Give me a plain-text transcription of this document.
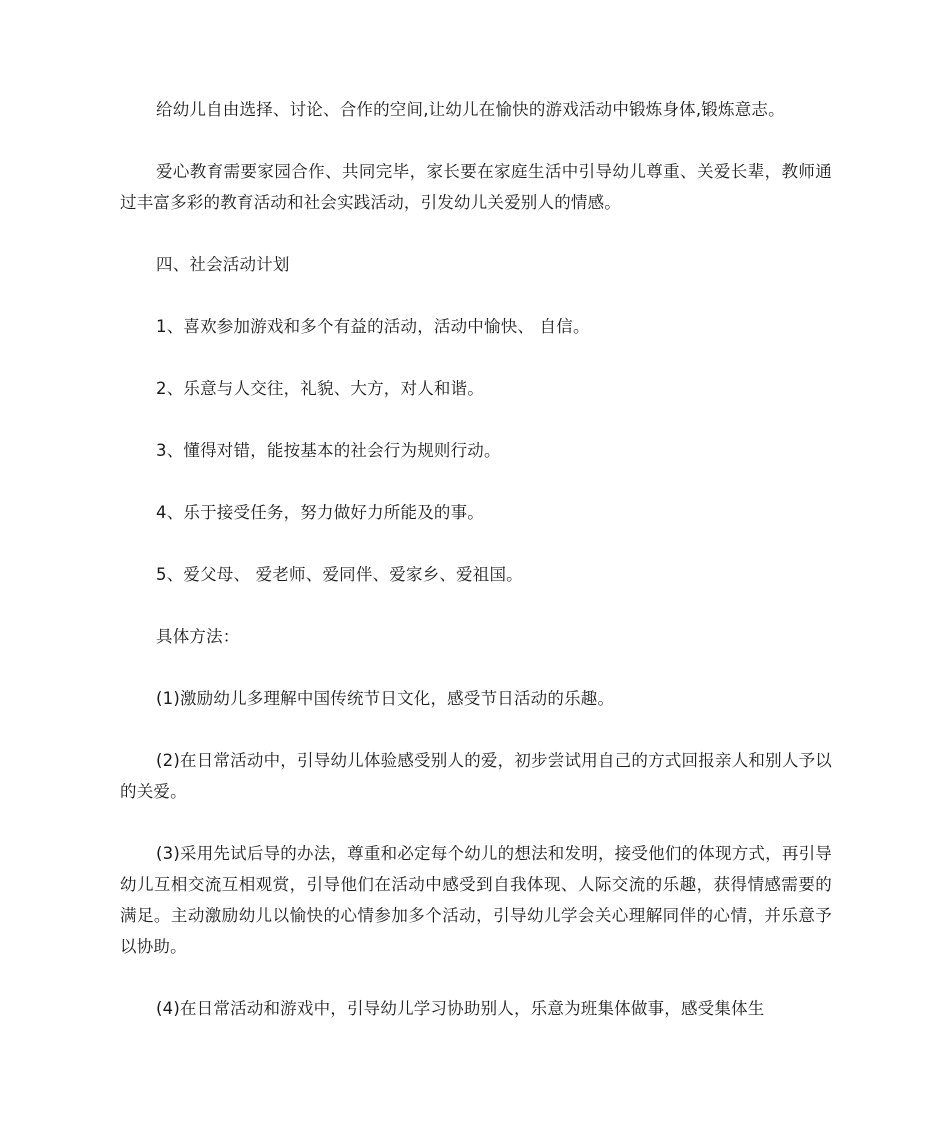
给幼儿自由选择、讨论、合作的空间,让幼儿在愉快的游戏活动中锻炼身体,锻炼意志。

爱心教育需要家园合作、共同完毕，家长要在家庭生活中引导幼儿尊重、关爱长辈，教师通过丰富多彩的教育活动和社会实践活动，引发幼儿关爱别人的情感。

四、社会活动计划

1、喜欢参加游戏和多个有益的活动，活动中愉快、 自信。

2、乐意与人交往，礼貌、大方，对人和谐。

3、懂得对错，能按基本的社会行为规则行动。

4、乐于接受任务，努力做好力所能及的事。

5、爱父母、 爱老师、爱同伴、爱家乡、爱祖国。

具体方法：

(1)激励幼儿多理解中国传统节日文化，感受节日活动的乐趣。

(2)在日常活动中，引导幼儿体验感受别人的爱，初步尝试用自己的方式回报亲人和别人予以的关爱。

(3)采用先试后导的办法，尊重和必定每个幼儿的想法和发明，接受他们的体现方式，再引导幼儿互相交流互相观赏，引导他们在活动中感受到自我体现、人际交流的乐趣，获得情感需要的满足。主动激励幼儿以愉快的心情参加多个活动，引导幼儿学会关心理解同伴的心情，并乐意予以协助。

(4)在日常活动和游戏中，引导幼儿学习协助别人，乐意为班集体做事，感受集体生
